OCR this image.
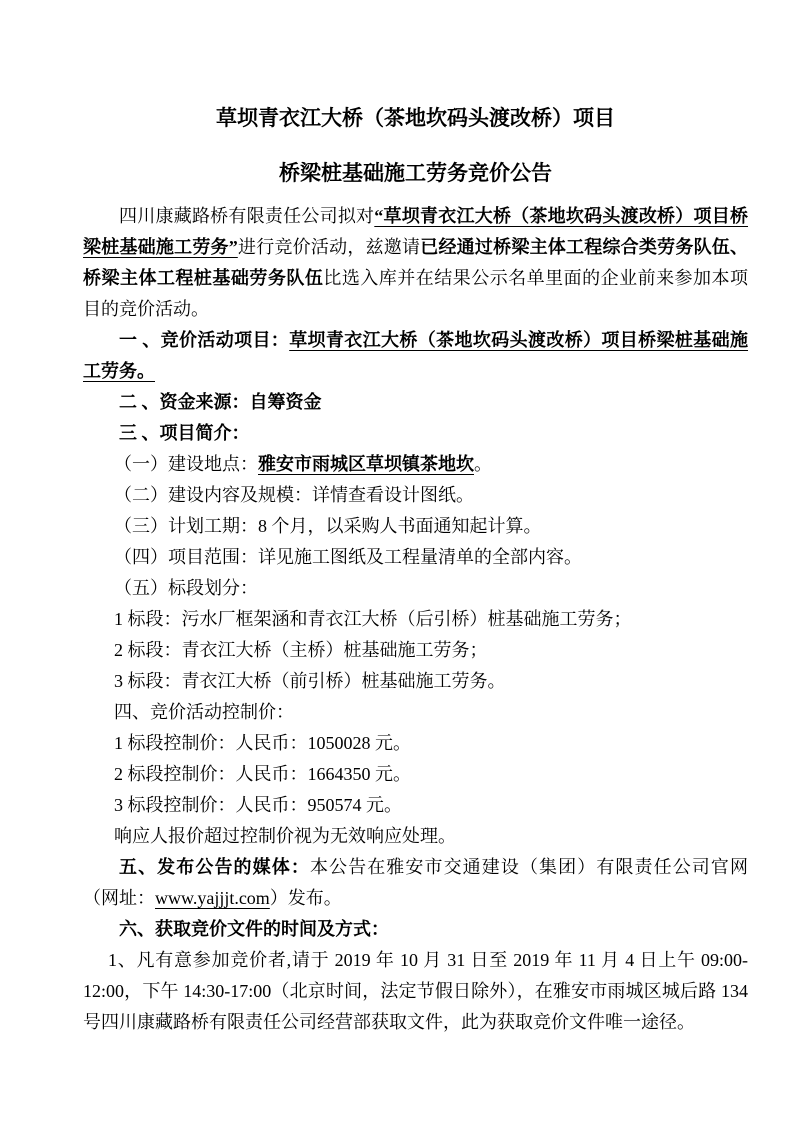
草坝青衣江大桥（茶地坎码头渡改桥）项目
桥梁桩基础施工劳务竞价公告

四川康藏路桥有限责任公司拟对“草坝青衣江大桥（茶地坎码头渡改桥）项目桥梁桩基础施工劳务”进行竞价活动，兹邀请已经通过桥梁主体工程综合类劳务队伍、桥梁主体工程桩基础劳务队伍比选入库并在结果公示名单里面的企业前来参加本项目的竞价活动。

一 、竞价活动项目：草坝青衣江大桥（茶地坎码头渡改桥）项目桥梁桩基础施工劳务。

二 、资金来源：自筹资金

三 、项目简介：

（一）建设地点：雅安市雨城区草坝镇茶地坎。

（二）建设内容及规模：详情查看设计图纸。

（三）计划工期：8 个月，以采购人书面通知起计算。

（四）项目范围：详见施工图纸及工程量清单的全部内容。

（五）标段划分：

1 标段：污水厂框架涵和青衣江大桥（后引桥）桩基础施工劳务；

2 标段：青衣江大桥（主桥）桩基础施工劳务；

3 标段：青衣江大桥（前引桥）桩基础施工劳务。

四、竞价活动控制价：

1 标段控制价：人民币：1050028 元。

2 标段控制价：人民币：1664350 元。

3 标段控制价：人民币：950574 元。

响应人报价超过控制价视为无效响应处理。

五、发布公告的媒体：本公告在雅安市交通建设（集团）有限责任公司官网（网址：www.yajjjt.com）发布。

六、获取竞价文件的时间及方式：

1、凡有意参加竞价者,请于 2019 年 10 月 31 日至 2019 年 11 月 4 日上午 09:00-12:00，下午 14:30-17:00（北京时间，法定节假日除外），在雅安市雨城区城后路 134 号四川康藏路桥有限责任公司经营部获取文件，此为获取竞价文件唯一途径。
